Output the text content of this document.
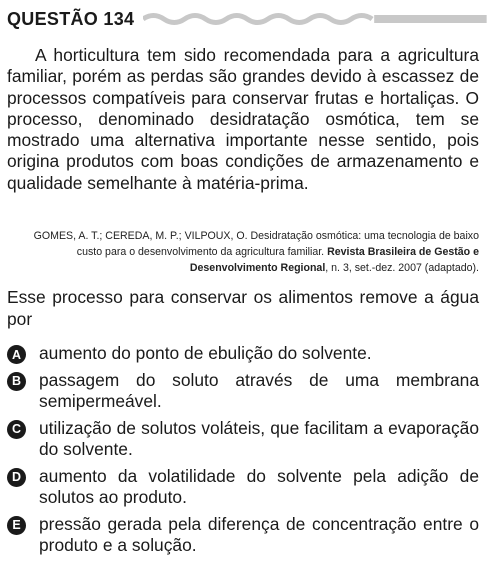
QUESTÃO 134

A horticultura tem sido recomendada para a agricultura familiar, porém as perdas são grandes devido à escassez de processos compatíveis para conservar frutas e hortaliças. O processo, denominado desidratação osmótica, tem se mostrado uma alternativa importante nesse sentido, pois origina produtos com boas condições de armazenamento e qualidade semelhante à matéria-prima.

GOMES, A. T.; CEREDA, M. P.; VILPOUX, O. Desidratação osmótica: uma tecnologia de baixo custo para o desenvolvimento da agricultura familiar. Revista Brasileira de Gestão e Desenvolvimento Regional, n. 3, set.-dez. 2007 (adaptado).

Esse processo para conservar os alimentos remove a água por

A aumento do ponto de ebulição do solvente.
B passagem do soluto através de uma membrana semipermeável.
C utilização de solutos voláteis, que facilitam a evaporação do solvente.
D aumento da volatilidade do solvente pela adição de solutos ao produto.
E	pressão gerada pela diferença de concentração entre o produto e a solução.
